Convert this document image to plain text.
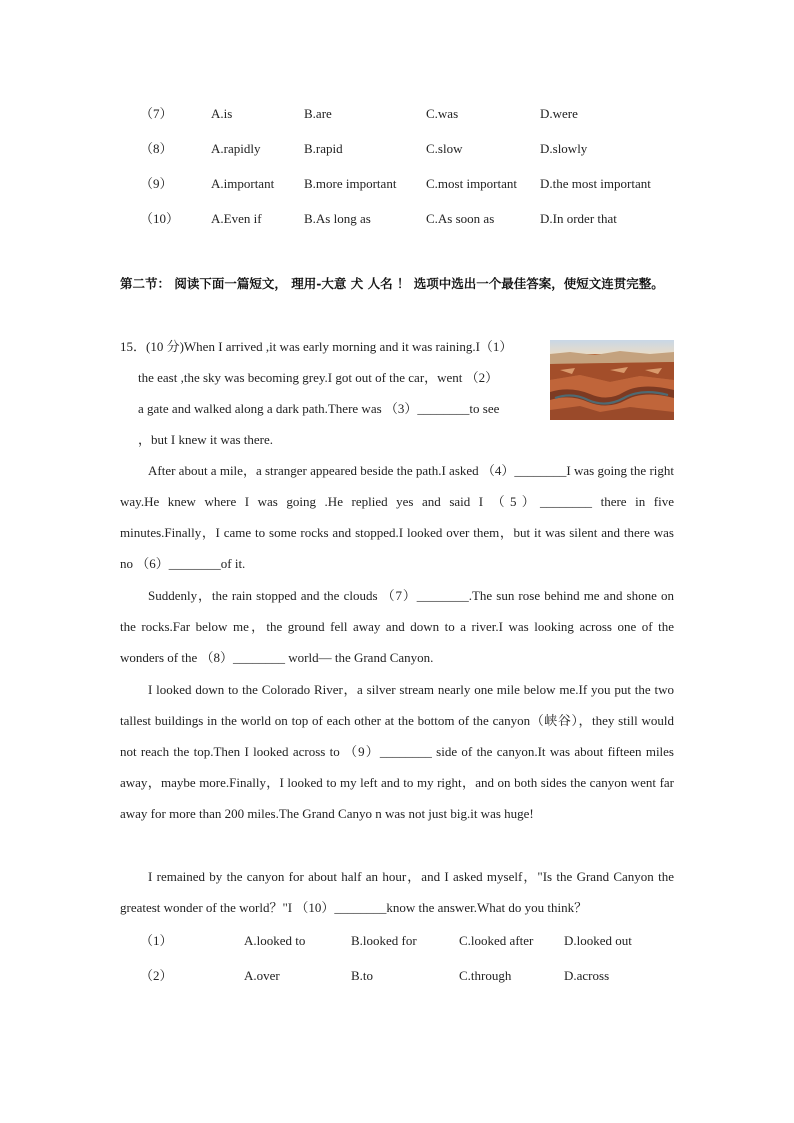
（7）	A.is	B.are	C.was	D.were
（8）	A.rapidly	B.rapid	C.slow	D.slowly
（9）	A.important B.more important C.most important D.the most important
（10） A.Even if	B.As long as	C.As soon as	D.In order that
第二节： 阅读下面一篇短文， 理用-大意 犬 人名 ！ 选项中选出一个最佳答案，使短文连贯完整。
15．(10 分)When I arrived ,it was early morning and it was raining.I（1）
the east ,the sky was becoming grey.I got out of the car，went （2）
a gate and walked along a dark path.There was （3）________to see
，but I knew it was there.
After about a mile，a stranger appeared beside the path.I asked （4）________I was going the right way.He knew where I was going .He replied yes and said I （5）________ there in five minutes.Finally，I came to some rocks and stopped.I looked over them，but it was silent and there was no （6）________of it.
Suddenly，the rain stopped and the clouds （7）________.The sun rose behind me and shone on the rocks.Far below me，the ground fell away and down to a river.I was looking across one of the wonders of the （8）________ world— the Grand Canyon.
I looked down to the Colorado River，a silver stream nearly one mile below me.If you put the two tallest buildings in the world on top of each other at the bottom of the canyon（峡谷），they still would not reach the top.Then I looked across to （9）________ side of the canyon.It was about fifteen miles away，maybe more.Finally，I looked to my left and to my right，and on both sides the canyon went far away for more than 200 miles.The Grand Canyo n was not just big.it was huge!
I remained by the canyon for about half an hour，and I asked myself，"Is the Grand Canyon the greatest wonder of the world？"I （10）________know the answer.What do you think？
（1）	A.looked to	B.looked for	C.looked after D.looked out
（2）	A.over	B.to	C.through	D.across
